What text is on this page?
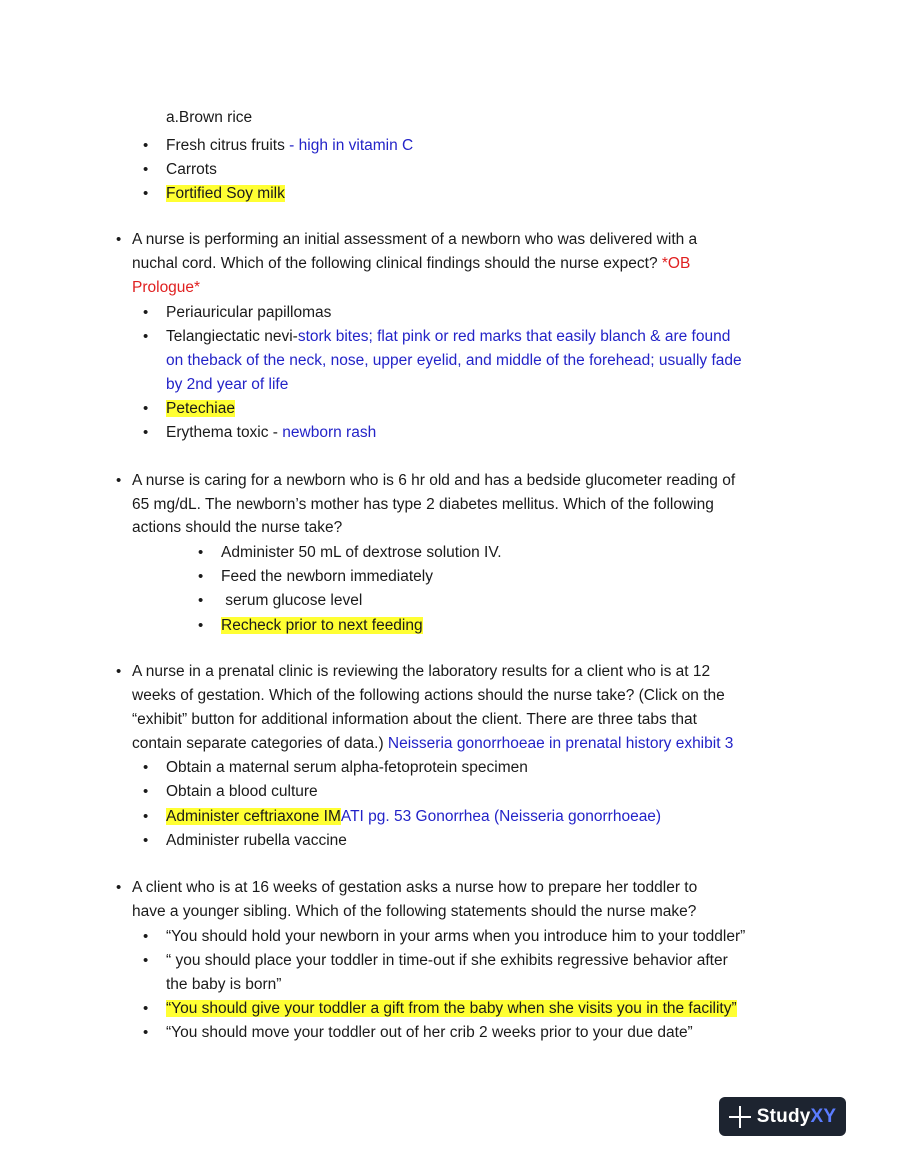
a.Brown rice
• Fresh citrus fruits - high in vitamin C
• Carrots
• Fortified Soy milk
• A nurse is performing an initial assessment of a newborn who was delivered with a
nuchal cord. Which of the following clinical findings should the nurse expect? *OB
Prologue*
• Periauricular papillomas
• Telangiectatic nevi-stork bites; flat pink or red marks that easily blanch & are found
on theback of the neck, nose, upper eyelid, and middle of the forehead; usually fade
by 2nd year of life
• Petechiae
• Erythema toxic - newborn rash
• A nurse is caring for a newborn who is 6 hr old and has a bedside glucometer reading of
65 mg/dL. The newborn’s mother has type 2 diabetes mellitus. Which of the following
actions should the nurse take?
• Administer 50 mL of dextrose solution IV.
• Feed the newborn immediately
• serum glucose level
• Recheck prior to next feeding
• A nurse in a prenatal clinic is reviewing the laboratory results for a client who is at 12
weeks of gestation. Which of the following actions should the nurse take? (Click on the
“exhibit” button for additional information about the client. There are three tabs that
contain separate categories of data.) Neisseria gonorrhoeae in prenatal history exhibit 3
• Obtain a maternal serum alpha-fetoprotein specimen
• Obtain a blood culture
• Administer ceftriaxone IMATI pg. 53 Gonorrhea (Neisseria gonorrhoeae)
• Administer rubella vaccine
• A client who is at 16 weeks of gestation asks a nurse how to prepare her toddler to
have a younger sibling. Which of the following statements should the nurse make?
• “You should hold your newborn in your arms when you introduce him to your toddler”
• “ you should place your toddler in time-out if she exhibits regressive behavior after
the baby is born”
• “You should give your toddler a gift from the baby when she visits you in the facility”
• “You should move your toddler out of her crib 2 weeks prior to your due date”
StudyXY
